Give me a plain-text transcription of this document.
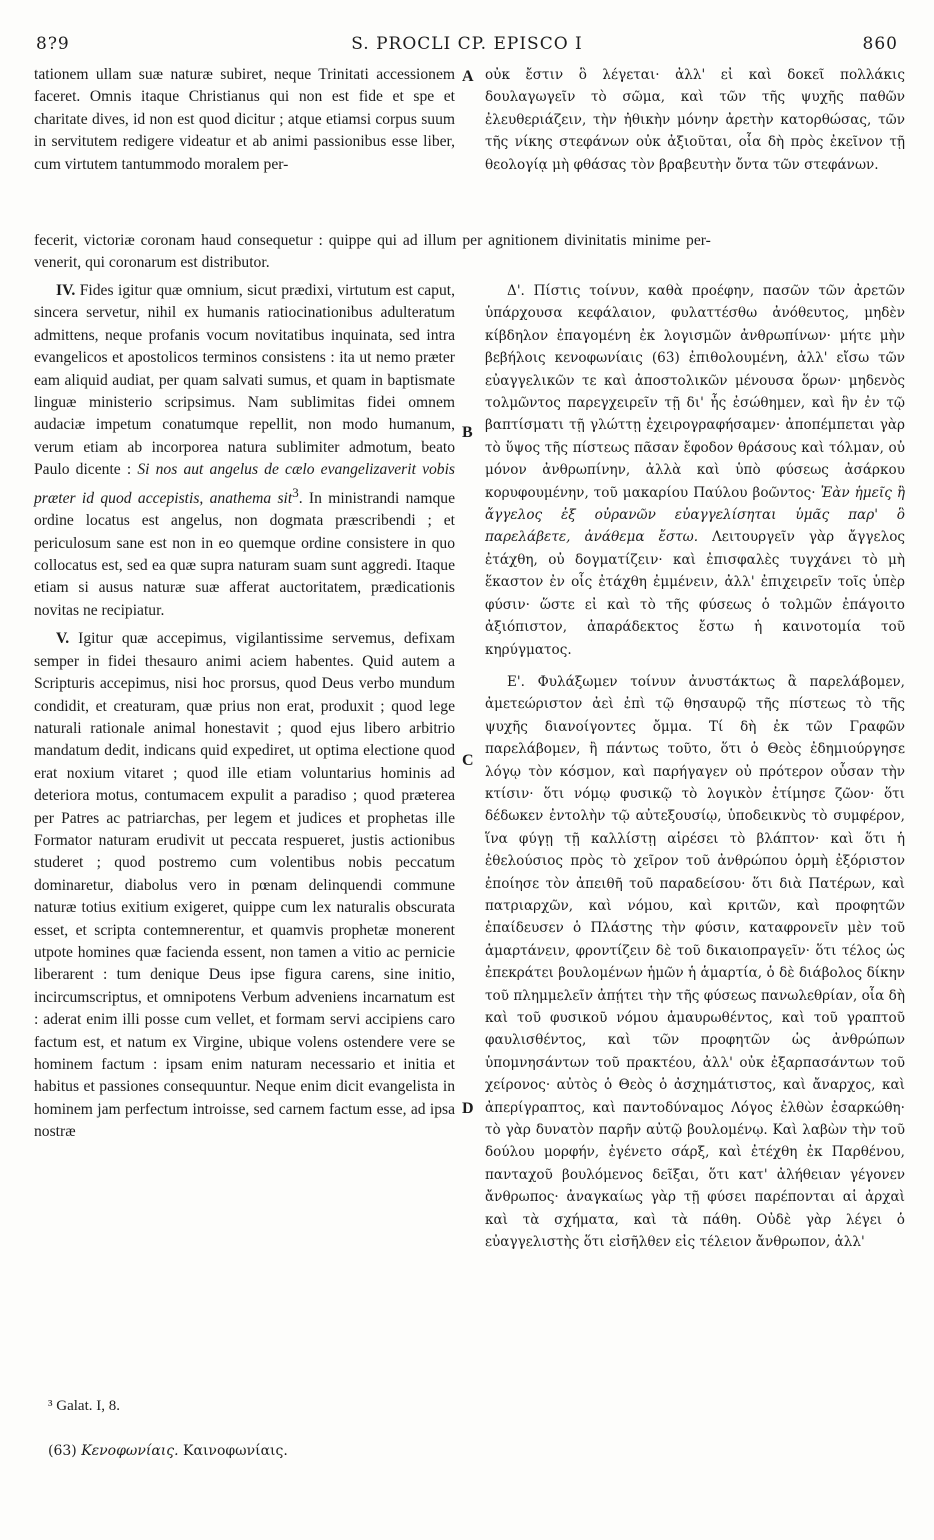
8?9	S. PROCLI CP. EPISCO I	860

tationem ullam suæ naturæ subiret, neque Trinitati accessionem faceret. Omnis itaque Christianus qui non est fide et spe et charitate dives, id non est quod dicitur ; atque etiamsi corpus suum in servitutem redigere videatur et ab animi passionibus esse liber, cum virtutem tantummodo moralem per-

fecerit, victoriæ coronam haud consequetur : quippe qui ad illum per agnitionem divinitatis minime per-
venerit, qui coronarum est distributor.

IV. Fides igitur quæ omnium, sicut prædixi, virtutum est caput, sincera servetur, nihil ex humanis ratiocinationibus adulteratum admittens, neque profanis vocum novitatibus inquinata, sed intra evangelicos et apostolicos terminos consistens : ita ut nemo præter eam aliquid audiat, per quam salvati sumus, et quam in baptismate linguæ ministerio scripsimus. Nam sublimitas fidei omnem audaciæ impetum conatumque repellit, non modo humanum, verum etiam ab incorporea natura sublimiter admotum, beato Paulo dicente : Si nos aut angelus de cælo evangelizaverit vobis præter id quod accepistis, anathema sit$^3$. In ministrandi namque ordine locatus est angelus, non dogmata præscribendi ; et periculosum sane est non in eo quemque ordine consistere in quo collocatus est, sed ea quæ supra naturam suam sunt aggredi. Itaque etiam si ausus naturæ suæ afferat auctoritatem, prædicationis novitas ne recipiatur.

V. Igitur quæ accepimus, vigilantissime servemus, defixam semper in fidei thesauro animi aciem habentes. Quid autem a Scripturis accepimus, nisi hoc prorsus, quod Deus verbo mundum condidit, et creaturam, quæ prius non erat, produxit ; quod lege naturali rationale animal honestavit ; quod ejus libero arbitrio mandatum dedit, indicans quid expediret, ut optima electione quod erat noxium vitaret ; quod ille etiam voluntarius hominis ad deteriora motus, contumacem expulit a paradiso ; quod præterea per Patres ac patriarchas, per legem et judices et prophetas ille Formator naturam erudivit ut peccata respueret, justis actionibus studeret ; quod postremo cum volentibus nobis peccatum dominaretur, diabolus vero in pœnam delinquendi commune naturæ totius exitium exigeret, quippe cum lex naturalis obscurata esset, et scripta contemnerentur, et quamvis prophetæ monerent utpote homines quæ facienda essent, non tamen a vitio ac pernicie liberarent : tum denique Deus ipse figura carens, sine initio, incircumscriptus, et omnipotens Verbum adveniens incarnatum est : aderat enim illi posse cum vellet, et formam servi accipiens caro factum est, et natum ex Virgine, ubique volens ostendere vere se hominem factum : ipsam enim naturam necessario et initia et habitus et passiones consequuntur. Neque enim dicit evangelista in hominem jam perfectum introisse, sed carnem factum esse, ad ipsa nostræ

οὐκ ἔστιν ὃ λέγεται· ἀλλ' εἰ καὶ δοκεῖ πολλάκις δουλαγωγεῖν τὸ σῶμα, καὶ τῶν τῆς ψυχῆς παθῶν ἐλευθεριάζειν, τὴν ἠθικὴν μόνην ἀρετὴν κατορθώσας, τῶν τῆς νίκης στεφάνων οὐκ ἀξιοῦται, οἷα δὴ πρὸς ἐκεῖνον τῇ θεολογίᾳ μὴ φθάσας τὸν βραβευτὴν ὄντα τῶν στεφάνων.

Δ'. Πίστις τοίνυν, καθὰ προέφην, πασῶν τῶν ἀρετῶν ὑπάρχουσα κεφάλαιον, φυλαττέσθω ἀνόθευτος, μηδὲν κίβδηλον ἐπαγομένη ἐκ λογισμῶν ἀνθρωπίνων· μήτε μὴν βεβήλοις κενοφωνίαις (63) ἐπιθολουμένη, ἀλλ' εἴσω τῶν εὐαγγελικῶν τε καὶ ἀποστολικῶν μένουσα ὅρων· μηδενὸς τολμῶντος παρεγχειρεῖν τῇ δι' ἧς ἐσώθημεν, καὶ ἣν ἐν τῷ βαπτίσματι τῇ γλώττῃ ἐχειρογραφήσαμεν· ἀποπέμπεται γὰρ τὸ ὕψος τῆς πίστεως πᾶσαν ἔφοδον θράσους καὶ τόλμαν, οὐ μόνον ἀνθρωπίνην, ἀλλὰ καὶ ὑπὸ φύσεως ἀσάρκου κορυφουμένην, τοῦ μακαρίου Παύλου βοῶντος· Ἐὰν ἡμεῖς ἢ ἄγγελος ἐξ οὐρανῶν εὐαγγελίσηται ὑμᾶς παρ' ὃ παρελάβετε, ἀνάθεμα ἔστω. Λειτουργεῖν γὰρ ἄγγελος ἐτάχθη, οὐ δογματίζειν· καὶ ἐπισφαλὲς τυγχάνει τὸ μὴ ἕκαστον ἐν οἷς ἐτάχθη ἐμμένειν, ἀλλ' ἐπιχειρεῖν τοῖς ὑπὲρ φύσιν· ὥστε εἰ καὶ τὸ τῆς φύσεως ὁ τολμῶν ἐπάγοιτο ἀξιόπιστον, ἀπαράδεκτος ἔστω ἡ καινοτομία τοῦ κηρύγματος.

Ε'. Φυλάξωμεν τοίνυν ἀνυστάκτως ἃ παρελάβομεν, ἀμετεώριστον ἀεὶ ἐπὶ τῷ θησαυρῷ τῆς πίστεως τὸ τῆς ψυχῆς διανοίγοντες ὄμμα. Τί δὴ ἐκ τῶν Γραφῶν παρελάβομεν, ἢ πάντως τοῦτο, ὅτι ὁ Θεὸς ἐδημιούργησε λόγῳ τὸν κόσμον, καὶ παρήγαγεν οὐ πρότερον οὖσαν τὴν κτίσιν· ὅτι νόμῳ φυσικῷ τὸ λογικὸν ἐτίμησε ζῶον· ὅτι δέδωκεν ἐντολὴν τῷ αὐτεξουσίῳ, ὑποδεικνὺς τὸ συμφέρον, ἵνα φύγῃ τῇ καλλίστῃ αἱρέσει τὸ βλάπτον· καὶ ὅτι ἡ ἐθελούσιος πρὸς τὸ χεῖρον τοῦ ἀνθρώπου ὁρμὴ ἐξόριστον ἐποίησε τὸν ἀπειθῆ τοῦ παραδείσου· ὅτι διὰ Πατέρων, καὶ πατριαρχῶν, καὶ νόμου, καὶ κριτῶν, καὶ προφητῶν ἐπαίδευσεν ὁ Πλάστης τὴν φύσιν, καταφρονεῖν μὲν τοῦ ἁμαρτάνειν, φροντίζειν δὲ τοῦ δικαιοπραγεῖν· ὅτι τέλος ὡς ἐπεκράτει βουλομένων ἡμῶν ἡ ἁμαρτία, ὁ δὲ διάβολος δίκην τοῦ πλημμελεῖν ἀπῄτει τὴν τῆς φύσεως πανωλεθρίαν, οἷα δὴ καὶ τοῦ φυσικοῦ νόμου ἀμαυρωθέντος, καὶ τοῦ γραπτοῦ φαυλισθέντος, καὶ τῶν προφητῶν ὡς ἀνθρώπων ὑπομνησάντων τοῦ πρακτέου, ἀλλ' οὐκ ἐξαρπασάντων τοῦ χείρονος· αὐτὸς ὁ Θεὸς ὁ ἀσχημάτιστος, καὶ ἄναρχος, καὶ ἀπερίγραπτος, καὶ παντοδύναμος Λόγος ἐλθὼν ἐσαρκώθη· τὸ γὰρ δυνατὸν παρῆν αὐτῷ βουλομένῳ. Καὶ λαβὼν τὴν τοῦ δούλου μορφήν, ἐγένετο σάρξ, καὶ ἐτέχθη ἐκ Παρθένου, πανταχοῦ βουλόμενος δεῖξαι, ὅτι κατ' ἀλήθειαν γέγονεν ἄνθρωπος· ἀναγκαίως γὰρ τῇ φύσει παρέπονται αἱ ἀρχαὶ καὶ τὰ σχήματα, καὶ τὰ πάθη. Οὐδὲ γὰρ λέγει ὁ εὐαγγελιστὴς ὅτι εἰσῆλθεν εἰς τέλειον ἄνθρωπον, ἀλλ'

A
B
C
D
³ Galat. I, 8.
(63) Κενοφωνίαις. Καινοφωνίαις.
